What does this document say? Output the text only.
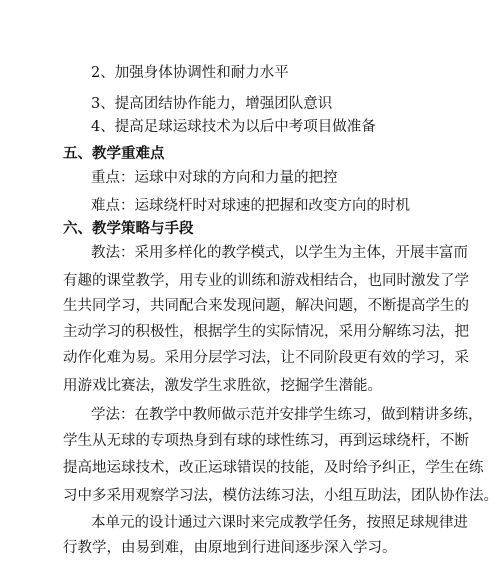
2、加强身体协调性和耐力水平
3、提高团结协作能力，增强团队意识
4、提高足球运球技术为以后中考项目做准备
五、教学重难点
重点：运球中对球的方向和力量的把控
难点：运球绕杆时对球速的把握和改变方向的时机
六、教学策略与手段
教法：采用多样化的教学模式，以学生为主体，开展丰富而
有趣的课堂教学，用专业的训练和游戏相结合，也同时激发了学
生共同学习，共同配合来发现问题，解决问题，不断提高学生的
主动学习的积极性，根据学生的实际情况，采用分解练习法，把
动作化难为易。采用分层学习法，让不同阶段更有效的学习，采
用游戏比赛法，激发学生求胜欲，挖掘学生潜能。
学法：在教学中教师做示范并安排学生练习，做到精讲多练，
学生从无球的专项热身到有球的球性练习，再到运球绕杆，不断
提高地运球技术，改正运球错误的技能，及时给予纠正，学生在练
习中多采用观察学习法，模仿法练习法，小组互助法，团队协作法。
本单元的设计通过六课时来完成教学任务，按照足球规律进
行教学，由易到难，由原地到行进间逐步深入学习。
